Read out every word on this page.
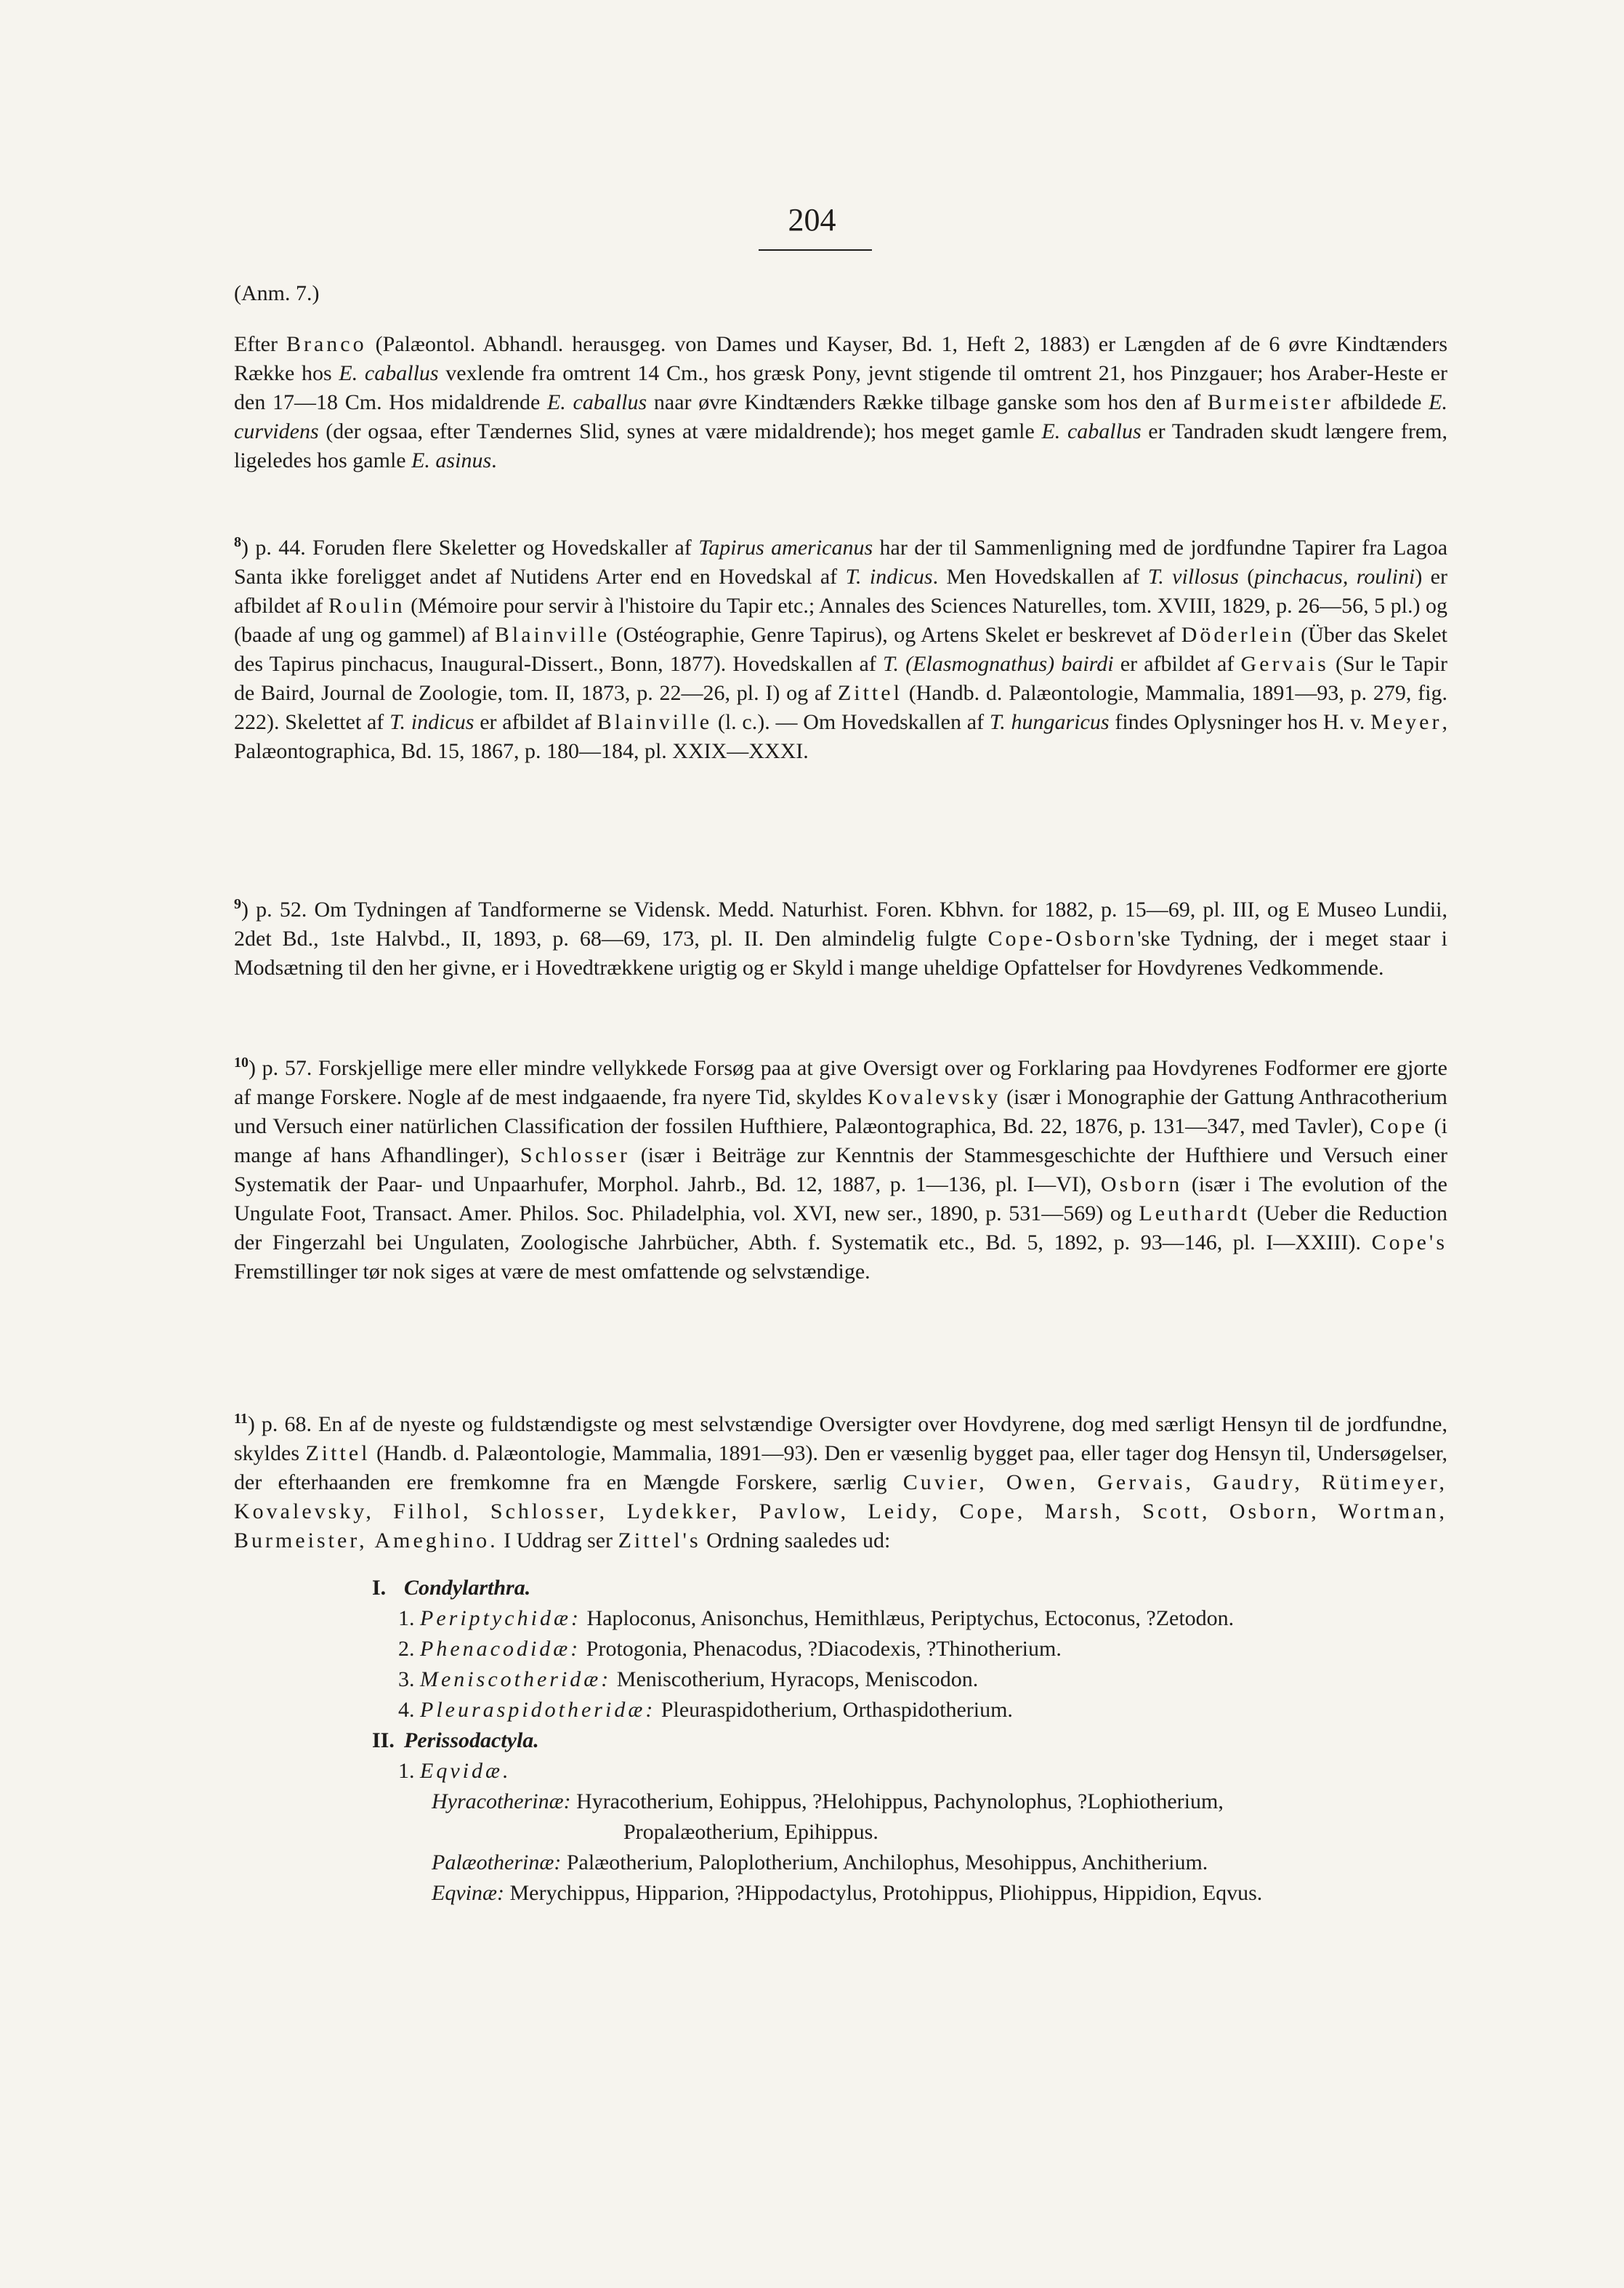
204

(Anm. 7.)

Efter Branco (Palæontol. Abhandl. herausgeg. von Dames und Kayser, Bd. 1, Heft 2, 1883) er Længden af de 6 øvre Kindtænders Række hos E. caballus vexlende fra omtrent 14 Cm., hos græsk Pony, jevnt stigende til omtrent 21, hos Pinzgauer; hos Araber-Heste er den 17—18 Cm. Hos midaldrende E. caballus naar øvre Kindtænders Række tilbage ganske som hos den af Burmeister afbildede E. curvidens (der ogsaa, efter Tændernes Slid, synes at være midaldrende); hos meget gamle E. caballus er Tandraden skudt længere frem, ligeledes hos gamle E. asinus.

$^8$) p. 44. Foruden flere Skeletter og Hovedskaller af Tapirus americanus har der til Sammenligning med de jordfundne Tapirer fra Lagoa Santa ikke foreligget andet af Nutidens Arter end en Hovedskal af T. indicus. Men Hovedskallen af T. villosus (pinchacus, roulini) er afbildet af Roulin (Mémoire pour servir à l'histoire du Tapir etc.; Annales des Sciences Naturelles, tom. XVIII, 1829, p. 26—56, 5 pl.) og (baade af ung og gammel) af Blainville (Ostéographie, Genre Tapirus), og Artens Skelet er beskrevet af Döderlein (Über das Skelet des Tapirus pinchacus, Inaugural-Dissert., Bonn, 1877). Hovedskallen af T. (Elasmognathus) bairdi er afbildet af Gervais (Sur le Tapir de Baird, Journal de Zoologie, tom. II, 1873, p. 22—26, pl. I) og af Zittel (Handb. d. Palæontologie, Mammalia, 1891—93, p. 279, fig. 222). Skelettet af T. indicus er afbildet af Blainville (l. c.). — Om Hovedskallen af T. hungaricus findes Oplysninger hos H. v. Meyer, Palæontographica, Bd. 15, 1867, p. 180—184, pl. XXIX—XXXI.

$^9$) p. 52. Om Tydningen af Tandformerne se Vidensk. Medd. Naturhist. Foren. Kbhvn. for 1882, p. 15—69, pl. III, og E Museo Lundii, 2det Bd., 1ste Halvbd., II, 1893, p. 68—69, 173, pl. II. Den almindelig fulgte Cope-Osborn'ske Tydning, der i meget staar i Modsætning til den her givne, er i Hovedtrækkene urigtig og er Skyld i mange uheldige Opfattelser for Hovdyrenes Vedkommende.

$^{10}$) p. 57. Forskjellige mere eller mindre vellykkede Forsøg paa at give Oversigt over og Forklaring paa Hovdyrenes Fodformer ere gjorte af mange Forskere. Nogle af de mest indgaaende, fra nyere Tid, skyldes Kovalevsky (især i Monographie der Gattung Anthracotherium und Versuch einer natürlichen Classification der fossilen Hufthiere, Palæontographica, Bd. 22, 1876, p. 131—347, med Tavler), Cope (i mange af hans Afhandlinger), Schlosser (især i Beiträge zur Kenntnis der Stammesgeschichte der Hufthiere und Versuch einer Systematik der Paar- und Unpaarhufer, Morphol. Jahrb., Bd. 12, 1887, p. 1—136, pl. I—VI), Osborn (især i The evolution of the Ungulate Foot, Transact. Amer. Philos. Soc. Philadelphia, vol. XVI, new ser., 1890, p. 531—569) og Leuthardt (Ueber die Reduction der Fingerzahl bei Ungulaten, Zoologische Jahrbücher, Abth. f. Systematik etc., Bd. 5, 1892, p. 93—146, pl. I—XXIII). Cope's Fremstillinger tør nok siges at være de mest omfattende og selvstændige.

$^{11}$) p. 68. En af de nyeste og fuldstændigste og mest selvstændige Oversigter over Hovdyrene, dog med særligt Hensyn til de jordfundne, skyldes Zittel (Handb. d. Palæontologie, Mammalia, 1891—93). Den er væsenlig bygget paa, eller tager dog Hensyn til, Undersøgelser, der efterhaanden ere fremkomne fra en Mængde Forskere, særlig Cuvier, Owen, Gervais, Gaudry, Rütimeyer, Kovalevsky, Filhol, Schlosser, Lydekker, Pavlow, Leidy, Cope, Marsh, Scott, Osborn, Wortman, Burmeister, Ameghino. I Uddrag ser Zittel's Ordning saaledes ud:

I. Condylarthra.
1. Periptychidæ: Haploconus, Anisonchus, Hemithlæus, Periptychus, Ectoconus, ?Zetodon.
2. Phenacodidæ: Protogonia, Phenacodus, ?Diacodexis, ?Thinotherium.
3. Meniscotheridæ: Meniscotherium, Hyracops, Meniscodon.
4. Pleuraspidotheridæ: Pleuraspidotherium, Orthaspidotherium.
II. Perissodactyla.
1. Eqvidæ.
Hyracotherinæ: Hyracotherium, Eohippus, ?Helohippus, Pachynolophus, ?Lophiotherium,
Propalæotherium, Epihippus.
Palæotherinæ: Palæotherium, Paloplotherium, Anchilophus, Mesohippus, Anchitherium.
Eqvinæ: Merychippus, Hipparion, ?Hippodactylus, Protohippus, Pliohippus, Hippidion, Eqvus.
